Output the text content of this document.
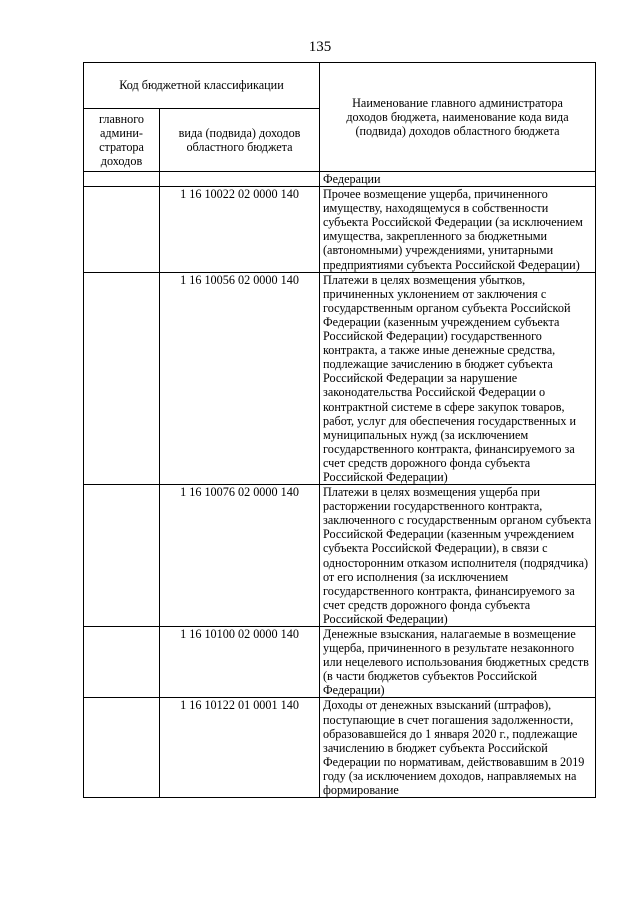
135
Код бюджетной классификации		Наименование главного администратора доходов бюджета, наименование кода вида (подвида) доходов областного бюджета
главного админи-стратора доходов	вида (подвида) доходов областного бюджета	
		Федерации
	1 16 10022 02 0000 140	Прочее возмещение ущерба, причиненного имуществу, находящемуся в собственности субъекта Российской Федерации (за исключением имущества, закрепленного за бюджетными (автономными) учреждениями, унитарными предприятиями субъекта Российской Федерации)
	1 16 10056 02 0000 140	Платежи в целях возмещения убытков, причиненных уклонением от заключения с государственным органом субъекта Российской Федерации (казенным учреждением субъекта Российской Федерации) государственного контракта, а также иные денежные средства, подлежащие зачислению в бюджет субъекта Российской Федерации за нарушение законодательства Российской Федерации о контрактной системе в сфере закупок товаров, работ, услуг для обеспечения государственных и муниципальных нужд (за исключением государственного контракта, финансируемого за счет средств дорожного фонда субъекта Российской Федерации)
	1 16 10076 02 0000 140	Платежи в целях возмещения ущерба при расторжении государственного контракта, заключенного с государственным органом субъекта Российской Федерации (казенным учреждением субъекта Российской Федерации), в связи с односторонним отказом исполнителя (подрядчика) от его исполнения (за исключением государственного контракта, финансируемого за счет средств дорожного фонда субъекта Российской Федерации)
	1 16 10100 02 0000 140	Денежные взыскания, налагаемые в возмещение ущерба, причиненного в результате незаконного или нецелевого использования бюджетных средств (в части бюджетов субъектов Российской Федерации)
	1 16 10122 01 0001 140	Доходы от денежных взысканий (штрафов), поступающие в счет погашения задолженности, образовавшейся до 1 января 2020 г., подлежащие зачислению в бюджет субъекта Российской Федерации по нормативам, действовавшим в 2019 году (за исключением доходов, направляемых на формирование
